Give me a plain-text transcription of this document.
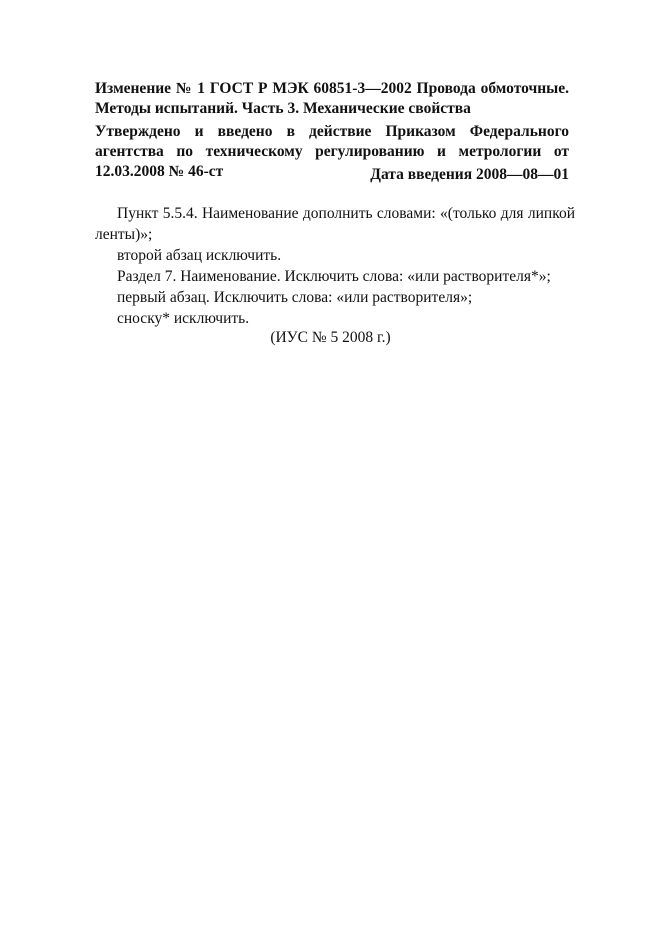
Изменение № 1 ГОСТ Р МЭК 60851-3—2002 Провода обмоточные. Методы испытаний. Часть 3. Механические свойства
Утверждено и введено в действие Приказом Федерального агентства по техническому регулированию и метрологии от 12.03.2008 № 46-ст	Дата введения 2008—08—01

Пункт 5.5.4. Наименование дополнить словами: «(только для липкой ленты)»;

второй абзац исключить.

Раздел 7. Наименование. Исключить слова: «или растворителя*»;

первый абзац. Исключить слова: «или растворителя»;

сноску* исключить.

(ИУС № 5 2008 г.)
